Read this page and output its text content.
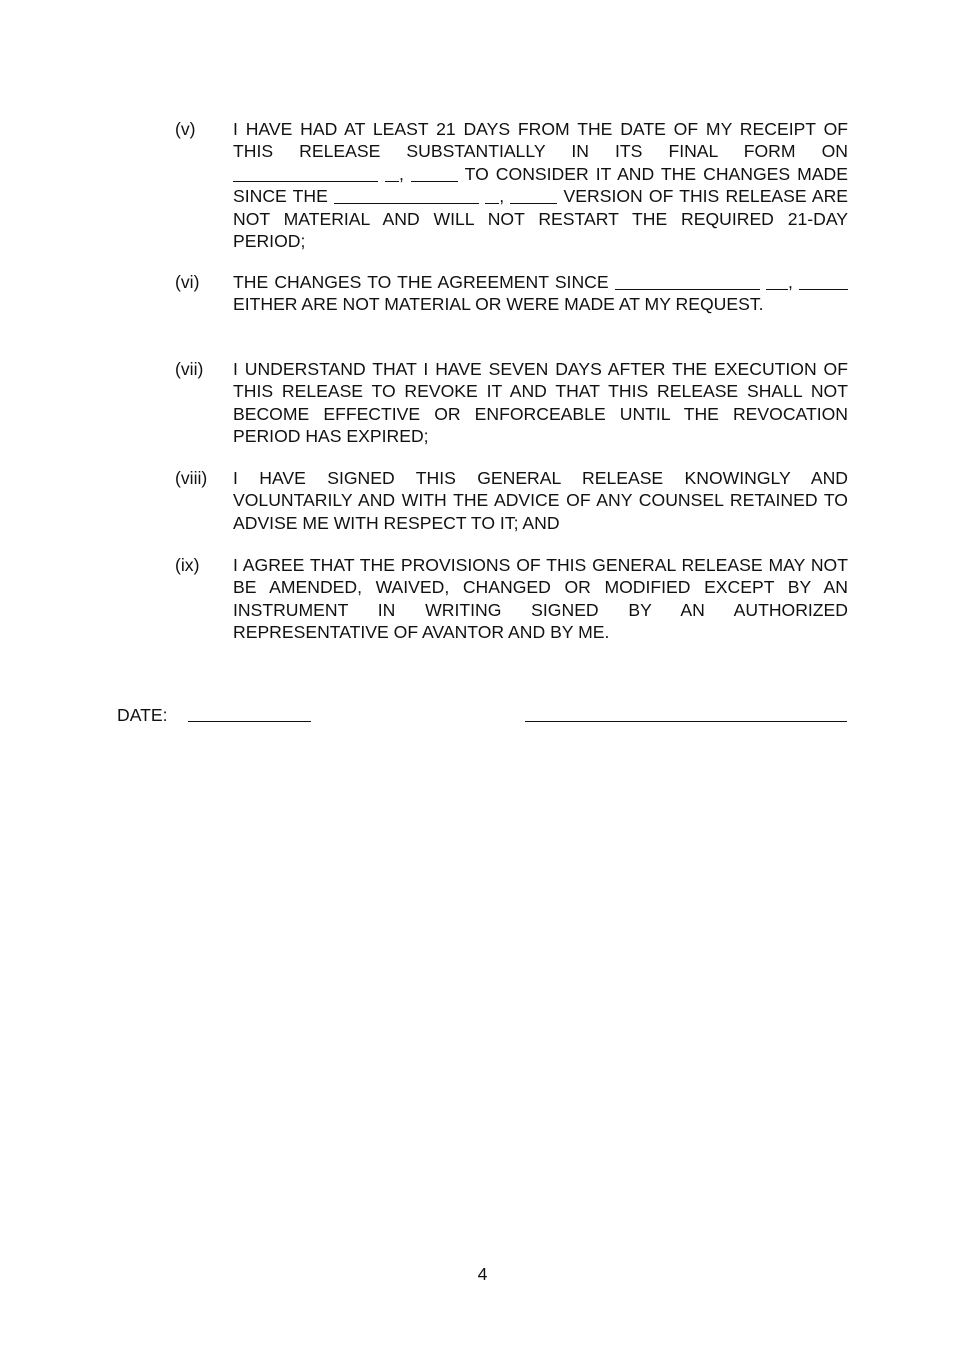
(v)	I HAVE HAD AT LEAST 21 DAYS FROM THE DATE OF MY RECEIPT OF THIS RELEASE SUBSTANTIALLY IN ITS FINAL FORM ON  ,	TO CONSIDER IT AND THE CHANGES MADE SINCE THE	,	VERSION OF THIS RELEASE ARE NOT MATERIAL AND WILL NOT RESTART THE REQUIRED 21-DAY PERIOD;
(vi)	THE CHANGES TO THE AGREEMENT SINCE	,  EITHER ARE NOT MATERIAL OR WERE MADE AT MY REQUEST.
(vii)	I UNDERSTAND THAT I HAVE SEVEN DAYS AFTER THE EXECUTION OF THIS RELEASE TO REVOKE IT AND THAT THIS RELEASE SHALL NOT BECOME EFFECTIVE OR ENFORCEABLE UNTIL THE REVOCATION PERIOD HAS EXPIRED;
(viii)	I HAVE SIGNED THIS GENERAL RELEASE KNOWINGLY AND VOLUNTARILY AND WITH THE ADVICE OF ANY COUNSEL RETAINED TO ADVISE ME WITH RESPECT TO IT; AND
(ix)	I AGREE THAT THE PROVISIONS OF THIS GENERAL RELEASE MAY NOT BE AMENDED, WAIVED, CHANGED OR MODIFIED EXCEPT BY AN INSTRUMENT IN WRITING SIGNED BY AN AUTHORIZED REPRESENTATIVE OF AVANTOR AND BY ME.
DATE:
4
